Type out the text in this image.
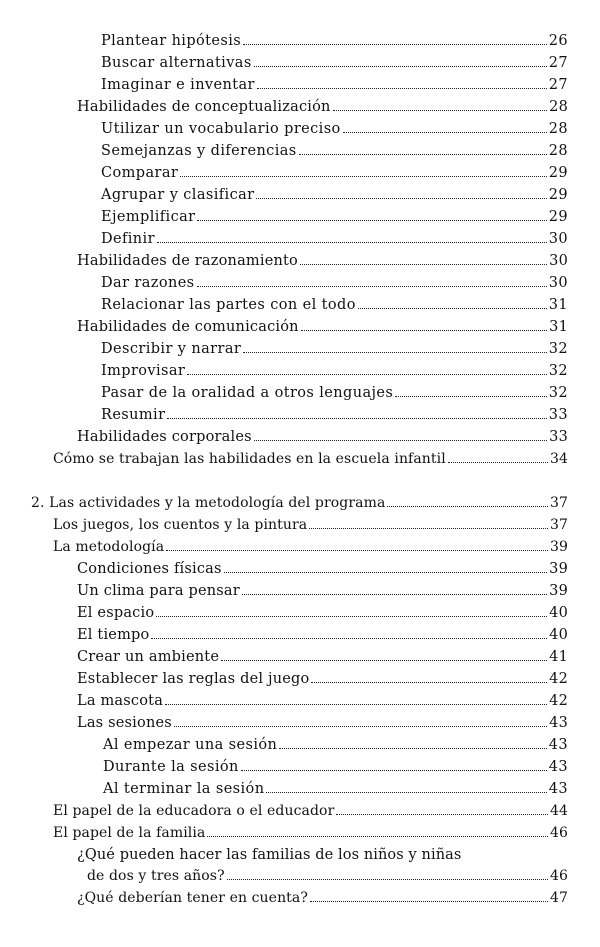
Plantear hipótesis	26
Buscar alternativas	27
Imaginar e inventar	27
Habilidades de conceptualización	28
Utilizar un vocabulario preciso	28
Semejanzas y diferencias	28
Comparar	29
Agrupar y clasificar	29
Ejemplificar	29
Definir	30
Habilidades de razonamiento	30
Dar razones	30
Relacionar las partes con el todo	31
Habilidades de comunicación	31
Describir y narrar	32
Improvisar	32
Pasar de la oralidad a otros lenguajes	32
Resumir	33
Habilidades corporales	33
Cómo se trabajan las habilidades en la escuela infantil	34
2. Las actividades y la metodología del programa	37
Los juegos, los cuentos y la pintura	37
La metodología	39
Condiciones físicas	39
Un clima para pensar	39
El espacio	40
El tiempo	40
Crear un ambiente	41
Establecer las reglas del juego	42
La mascota	42
Las sesiones	43
Al empezar una sesión	43
Durante la sesión	43
Al terminar la sesión	43
El papel de la educadora o el educador	44
El papel de la familia	46
¿Qué pueden hacer las familias de los niños y niñas
de dos y tres años?	46
¿Qué deberían tener en cuenta?	47
